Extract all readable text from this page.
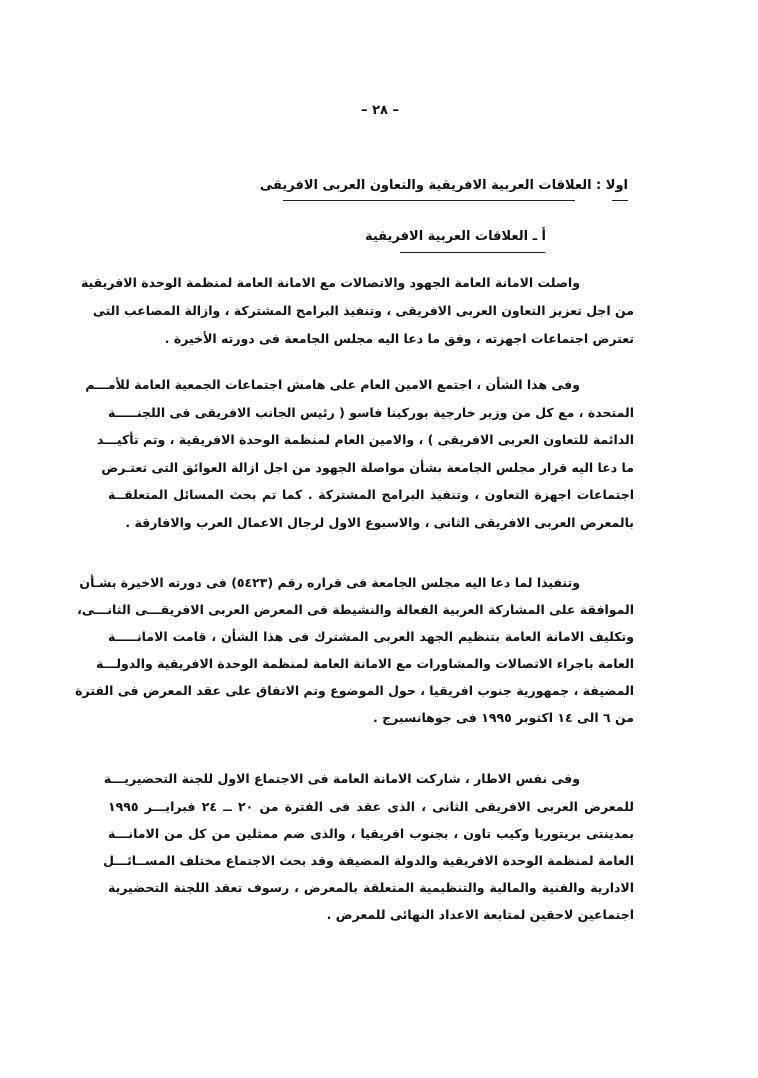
– ٢٨ –
اولا : العلاقات العربية الافريقية والتعاون العربى الافريقى
أ ـ العلاقات العربية الافريقية
واصلت الامانة العامة الجهود والاتصالات مع الامانة العامة لمنظمة الوحدة الافريقية
من اجل تعزيز التعاون العربى الافريقى ، وتنفيذ البرامج المشتركة ، وازالة المصاعب التى
تعترض اجتماعات اجهزته ، وفق ما دعا اليه مجلس الجامعة فى دورته الأخيرة .
وفى هذا الشأن ، اجتمع الامين العام على هامش اجتماعات الجمعية العامة للأمـــم
المتحدة ، مع كل من وزير خارجية بوركينا فاسو ( رئيس الجانب الافريقى فى اللجنـــــة
الدائمة للتعاون العربى الافريقى ) ، والامين العام لمنظمة الوحدة الافريقية ، وتم تأكيـــد
ما دعا اليه قرار مجلس الجامعة بشأن مواصلة الجهود من اجل ازالة العوائق التى تعتـرض
اجتماعات اجهزة التعاون ، وتنفيذ البرامج المشتركة . كما تم بحث المسائل المتعلقــة
بالمعرض العربى الافريقى الثانى ، والاسبوع الاول لرجال الاعمال العرب والافارقة .
وتنفيذا لما دعا اليه مجلس الجامعة فى قراره رقم (٥٤٢٣) فى دورته الاخيرة بشـأن
الموافقة على المشاركة العربية الفعالة والنشيطة فى المعرض العربى الافريقـــى الثانـــى،
وتكليف الامانة العامة بتنظيم الجهد العربى المشترك فى هذا الشأن ، قامت الامانـــــة
العامة باجراء الاتصالات والمشاورات مع الامانة العامة لمنظمة الوحدة الافريقية والدولـــة
المضيفة ، جمهورية جنوب افريقيا ، حول الموضوع وتم الاتفاق على عقد المعرض فى الفترة
من ٦ الى ١٤ اكتوبر ١٩٩٥ فى جوهانسبرج .
وفى نفس الاطار ، شاركت الامانة العامة فى الاجتماع الاول للجنة التحضيريـــة
للمعرض العربى الافريقى الثانى ، الذى عقد فى الفترة من ٢٠ ــ ٢٤ فبرايـــر ١٩٩٥
بمدينتى بريتوريا وكيب تاون ، بجنوب افريقيا ، والذى ضم ممثلين من كل من الامانـــة
العامة لمنظمة الوحدة الافريقية والدولة المضيفة وقد بحث الاجتماع مختلف المســائـــل
الادارية والفنية والمالية والتنظيمية المتعلقة بالمعرض ، رسوف تعقد اللجنة التحضيرية
اجتماعين لاحقين لمتابعة الاعداد النهائى للمعرض .
